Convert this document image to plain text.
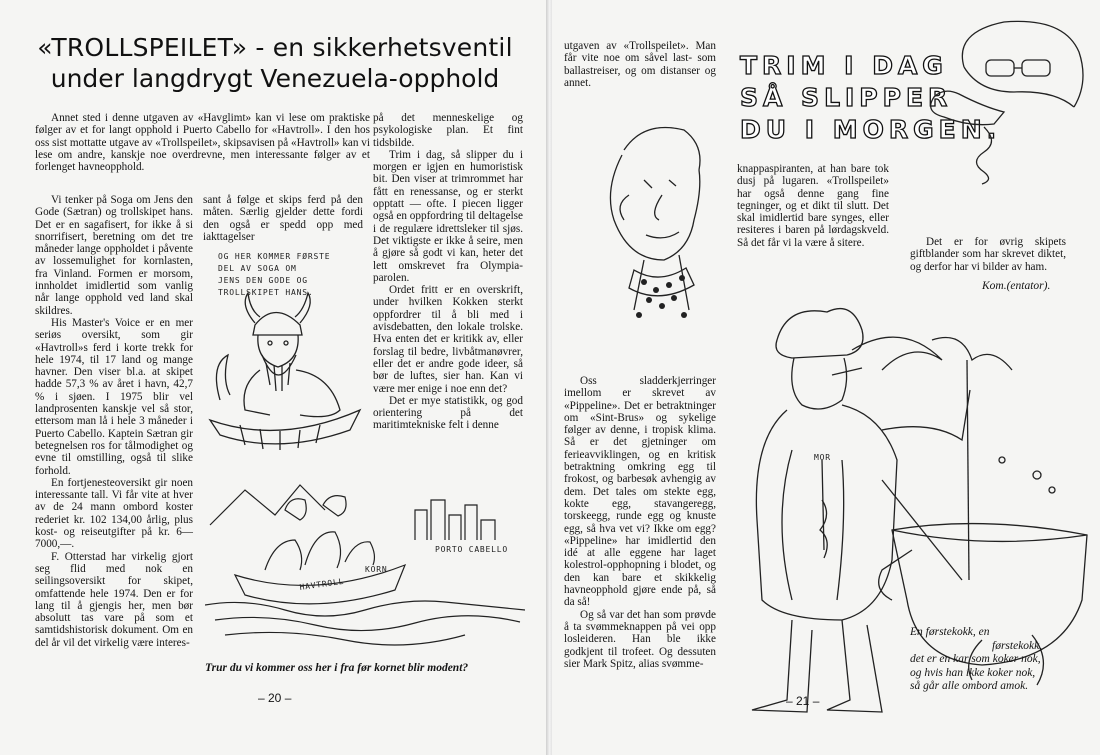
«TROLLSPEILET» - en sikkerhetsventil
under langdrygt Venezuela-opphold

Annet sted i denne utgaven av «Havglimt» kan vi lese om praktiske følger av et for langt opphold i Puerto Cabello for «Havtroll». I den hos oss sist mottatte utgave av «Trollspeilet», skipsavisen på «Havtroll» kan vi lese om andre, kanskje noe overdrevne, men interessante følger av et forlenget havneopphold.

Vi tenker på Soga om Jens den Gode (Sætran) og trollskipet hans. Det er en sagafisert, for ikke å si snorrifisert, beretning om det tre måneder lange oppholdet i påvente av lossemulighet for kornlasten, fra Vinland. Formen er morsom, innholdet imidlertid som vanlig når lange opphold ved land skal skildres.

His Master's Voice er en mer seriøs oversikt, som gir «Havtroll»s ferd i korte trekk for hele 1974, til 17 land og mange havner. Den viser bl.a. at skipet hadde 57,3 % av året i havn, 42,7 % i sjøen. I 1975 blir vel landprosenten kanskje vel så stor, ettersom man lå i hele 3 måneder i Puerto Cabello. Kaptein Sætran gir betegnelsen ros for tålmodighet og evne til omstilling, også til slike forhold.

En fortjenesteoversikt gir noen interessante tall. Vi får vite at hver av de 24 mann ombord koster rederiet kr. 102 134,00 årlig, plus kost- og reiseutgifter på kr. 6—7000,—.

F. Otterstad har virkelig gjort seg flid med nok en seilingsoversikt for skipet, omfattende hele 1974. Den er for lang til å gjengis her, men bør absolutt tas vare på som et samtidshistorisk dokument. Om en del år vil det virkelig være interes-

sant å følge et skips ferd på den måten. Særlig gjelder dette fordi den også er spedd opp med iakttagelser

på det menneskelige og psykologiske plan. Et fint tidsbilde.

Trim i dag, så slipper du i morgen er igjen en humoristisk bit. Den viser at trimrommet har fått en renessanse, og er sterkt opptatt — ofte. I piecen ligger også en oppfordring til deltagelse i de regulære idrettsleker til sjøs. Det viktigste er ikke å seire, men å gjøre så godt vi kan, heter det lett omskrevet fra Olympia-parolen.

Ordet fritt er en overskrift, under hvilken Kokken sterkt oppfordrer til å bli med i avisdebatten, den lokale trolske. Hva enten det er kritikk av, eller forslag til bedre, livbåtmanøvrer, eller det er andre gode ideer, så bør de luftes, sier han. Kan vi være mer enige i noe enn det?

Det er mye statistikk, og god orientering på det maritimtekniske felt i denne

OG HER KOMMER FØRSTE
DEL AV SOGA OM
JENS DEN GODE OG
TROLLSKIPET HANS.
HAVTROLL
KORN
PORTO CABELLO
Trur du vi kommer oss her i fra før kornet blir modent?
– 20 –

utgaven av «Trollspeilet». Man får vite noe om såvel last- som ballastreiser, og om distanser og annet.

TRIM I DAG
SÅ SLIPPER
DU I MORGEN.

knappaspiranten, at han bare tok dusj på lugaren. «Trollspeilet» har også denne gang fine tegninger, og et dikt til slutt. Det skal imidlertid bare synges, eller resiteres i baren på lørdagskveld. Så det får vi la være å sitere.	Det er for øvrig skipets giftblander som har skrevet diktet, og derfor har vi bilder av ham.

Kom.(entator).

Oss sladderkjerringer imellom er skrevet av «Pippeline». Det er betraktninger om «Sint-Brus» og sykelige følger av denne, i tropisk klima. Så er det gjetninger om ferieavviklingen, og en kritisk betraktning omkring egg til frokost, og barbesøk avhengig av dem. Det tales om stekte egg, kokte egg, stavangeregg, torskeegg, runde egg og knuste egg, så hva vet vi? Ikke om egg? «Pippeline» har imidlertid den idé at alle eggene har laget kolestrol-opphopning i blodet, og den kan bare et skikkelig havneopphold gjøre ende på, så da så!

Og så var det han som prøvde å ta svømmeknappen på vei opp losleideren. Han ble ikke godkjent til trofeet. Og dessuten sier Mark Spitz, alias svømme-

MOR
En førstekokk, en
førstekokk,
det er en kar som koker nok,
og hvis han ikke koker nok,
så går alle ombord amok.
– 21 –
